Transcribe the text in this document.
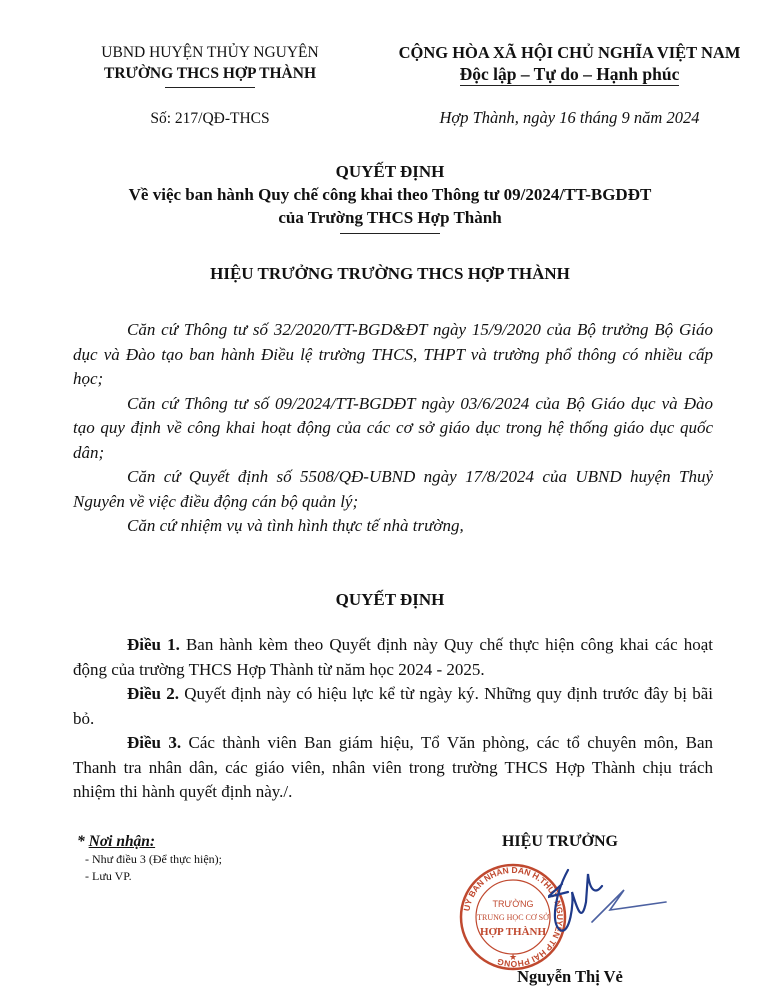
UBND HUYỆN THỦY NGUYÊN
TRƯỜNG THCS HỢP THÀNH
Số: 217/QĐ-THCS
CỘNG HÒA XÃ HỘI CHỦ NGHĨA VIỆT NAM
Độc lập – Tự do – Hạnh phúc
Hợp Thành, ngày 16 tháng 9 năm 2024
QUYẾT ĐỊNH
Về việc ban hành Quy chế công khai theo Thông tư 09/2024/TT-BGDĐT
của Trường THCS Hợp Thành
HIỆU TRƯỞNG TRƯỜNG THCS HỢP THÀNH

Căn cứ Thông tư số 32/2020/TT-BGD&ĐT ngày 15/9/2020 của Bộ trưởng Bộ Giáo dục và Đào tạo ban hành Điều lệ trường THCS, THPT và trường phổ thông có nhiều cấp học;

Căn cứ Thông tư số 09/2024/TT-BGDĐT ngày 03/6/2024 của Bộ Giáo dục và Đào tạo quy định về công khai hoạt động của các cơ sở giáo dục trong hệ thống giáo dục quốc dân;

Căn cứ Quyết định số 5508/QĐ-UBND ngày 17/8/2024 của UBND huyện Thuỷ Nguyên về việc điều động cán bộ quản lý;

Căn cứ nhiệm vụ và tình hình thực tế nhà trường,

QUYẾT ĐỊNH

Điều 1. Ban hành kèm theo Quyết định này Quy chế thực hiện công khai các hoạt động của trường THCS Hợp Thành từ năm học 2024 - 2025.

Điều 2. Quyết định này có hiệu lực kể từ ngày ký. Những quy định trước đây bị bãi bỏ.

Điều 3. Các thành viên Ban giám hiệu, Tổ Văn phòng, các tổ chuyên môn, Ban Thanh tra nhân dân, các giáo viên, nhân viên trong trường THCS Hợp Thành chịu trách nhiệm thi hành quyết định này./.

* Nơi nhận:
- Như điều 3 (Để thực hiện);
- Lưu VP.
HIỆU TRƯỞNG
UỶ BAN NHÂN DÂN H.THỦY NGUYÊN TP HẢI PHÒNG
TRƯỜNG
TRUNG HỌC CƠ SỞ
HỢP THÀNH
★
Nguyễn Thị Vẻ
